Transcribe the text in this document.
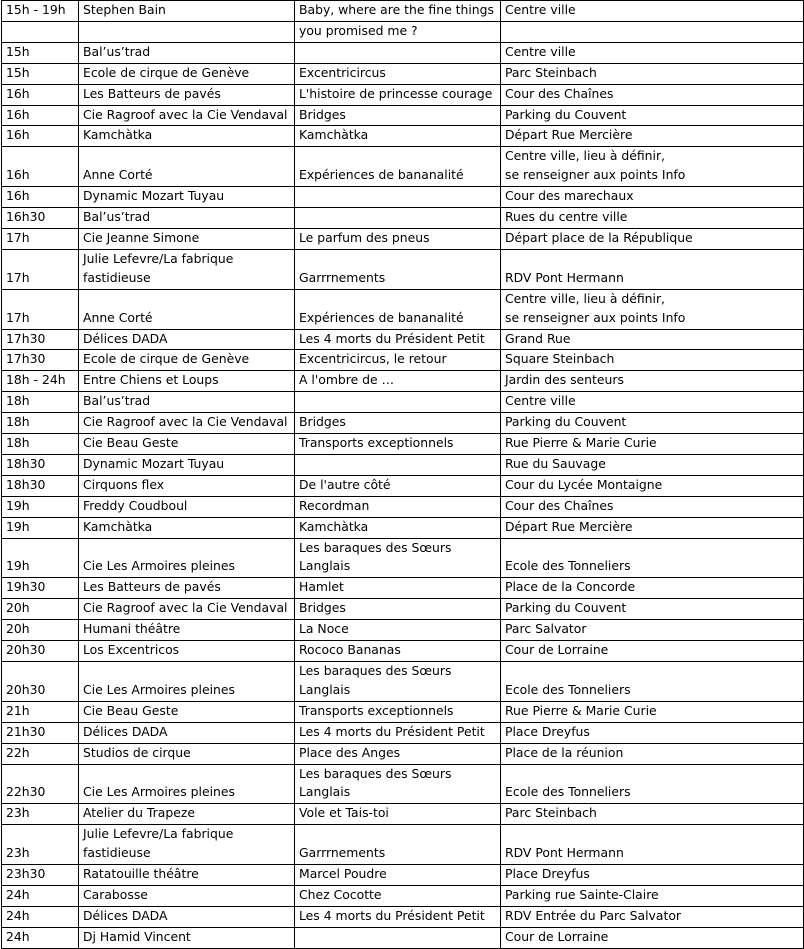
15h - 19h	Stephen Bain	Baby, where are the fine things	Centre ville
		you promised me ?	
15h	Bal’us’trad		Centre ville
15h	Ecole de cirque de Genève	Excentricircus	Parc Steinbach
16h	Les Batteurs de pavés	L'histoire de princesse courage	Cour des Chaînes
16h	Cie Ragroof avec la Cie Vendaval	Bridges	Parking du Couvent
16h	Kamchàtka	Kamchàtka	Départ Rue Mercière
16h	Anne Corté	Expériences de bananalité	Centre ville, lieu à définir,
se renseigner aux points Info
16h	Dynamic Mozart Tuyau		Cour des marechaux
16h30	Bal’us’trad		Rues du centre ville
17h	Cie Jeanne Simone	Le parfum des pneus	Départ place de la République
17h	Julie Lefevre/La fabrique
fastidieuse	Garrrnements	RDV Pont Hermann
17h	Anne Corté	Expériences de bananalité	Centre ville, lieu à définir,
se renseigner aux points Info
17h30	Délices DADA	Les 4 morts du Président Petit	Grand Rue
17h30	Ecole de cirque de Genève	Excentricircus, le retour	Square Steinbach
18h - 24h	Entre Chiens et Loups	A l'ombre de …	Jardin des senteurs
18h	Bal’us’trad		Centre ville
18h	Cie Ragroof avec la Cie Vendaval	Bridges	Parking du Couvent
18h	Cie Beau Geste	Transports exceptionnels	Rue Pierre & Marie Curie
18h30	Dynamic Mozart Tuyau		Rue du Sauvage
18h30	Cirquons flex	De l'autre côté	Cour du Lycée Montaigne
19h	Freddy Coudboul	Recordman	Cour des Chaînes
19h	Kamchàtka	Kamchàtka	Départ Rue Mercière
19h	Cie Les Armoires pleines	Les baraques des Sœurs
Langlais	Ecole des Tonneliers
19h30	Les Batteurs de pavés	Hamlet	Place de la Concorde
20h	Cie Ragroof avec la Cie Vendaval	Bridges	Parking du Couvent
20h	Humani théâtre	La Noce	Parc Salvator
20h30	Los Excentricos	Rococo Bananas	Cour de Lorraine
20h30	Cie Les Armoires pleines	Les baraques des Sœurs
Langlais	Ecole des Tonneliers
21h	Cie Beau Geste	Transports exceptionnels	Rue Pierre & Marie Curie
21h30	Délices DADA	Les 4 morts du Président Petit	Place Dreyfus
22h	Studios de cirque	Place des Anges	Place de la réunion
22h30	Cie Les Armoires pleines	Les baraques des Sœurs
Langlais	Ecole des Tonneliers
23h	Atelier du Trapeze	Vole et Tais-toi	Parc Steinbach
23h	Julie Lefevre/La fabrique
fastidieuse	Garrrnements	RDV Pont Hermann
23h30	Ratatouille théâtre	Marcel Poudre	Place Dreyfus
24h	Carabosse	Chez Cocotte	Parking rue Sainte-Claire
24h	Délices DADA	Les 4 morts du Président Petit	RDV Entrée du Parc Salvator
24h	Dj Hamid Vincent		Cour de Lorraine
